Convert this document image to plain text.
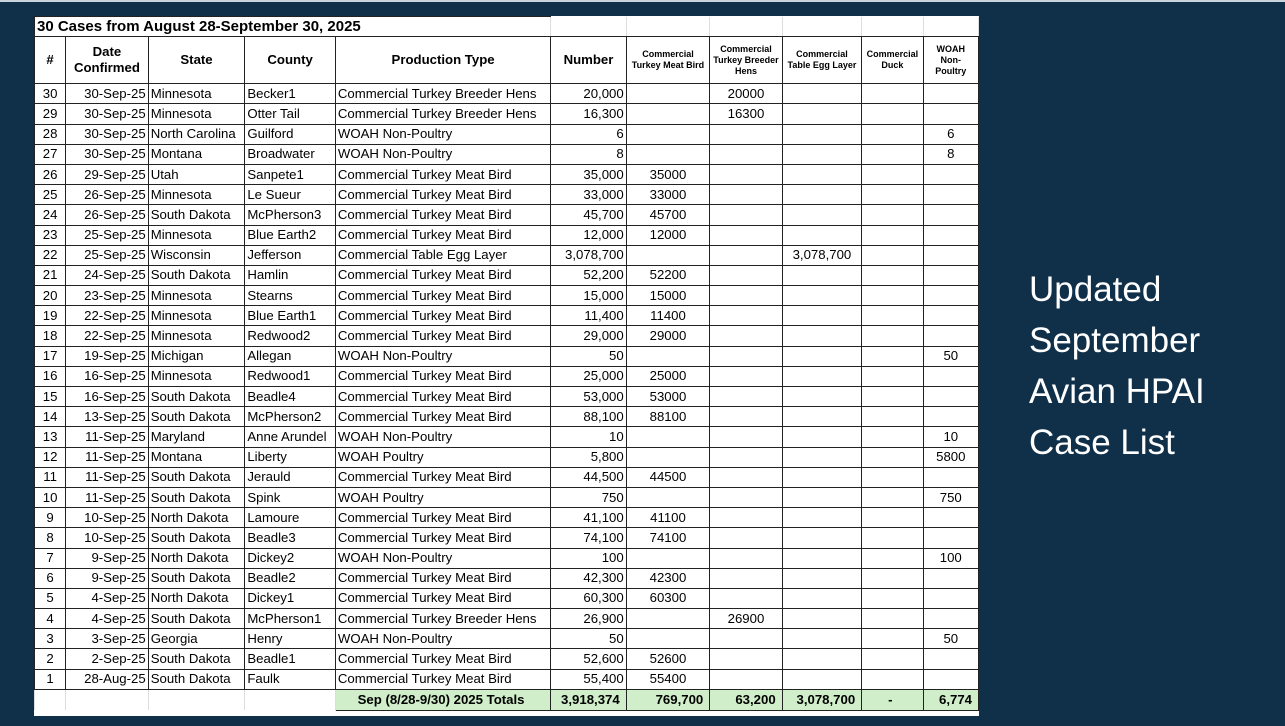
30 Cases from August 28-September 30, 2025										
#	Date Confirmed	State	County	Production Type	Number	Commercial Turkey Meat Bird	Commercial Turkey Breeder Hens	Commercial Table Egg Layer	Commercial Duck	WOAH Non-Poultry
30	30-Sep-25	Minnesota	Becker1	Commercial Turkey Breeder Hens	20,000		20000			
29	30-Sep-25	Minnesota	Otter Tail	Commercial Turkey Breeder Hens	16,300		16300			
28	30-Sep-25	North Carolina	Guilford	WOAH Non-Poultry	6					6
27	30-Sep-25	Montana	Broadwater	WOAH Non-Poultry	8					8
26	29-Sep-25	Utah	Sanpete1	Commercial Turkey Meat Bird	35,000	35000				
25	26-Sep-25	Minnesota	Le Sueur	Commercial Turkey Meat Bird	33,000	33000				
24	26-Sep-25	South Dakota	McPherson3	Commercial Turkey Meat Bird	45,700	45700				
23	25-Sep-25	Minnesota	Blue Earth2	Commercial Turkey Meat Bird	12,000	12000				
22	25-Sep-25	Wisconsin	Jefferson	Commercial Table Egg Layer	3,078,700			3,078,700		
21	24-Sep-25	South Dakota	Hamlin	Commercial Turkey Meat Bird	52,200	52200				
20	23-Sep-25	Minnesota	Stearns	Commercial Turkey Meat Bird	15,000	15000				
19	22-Sep-25	Minnesota	Blue Earth1	Commercial Turkey Meat Bird	11,400	11400				
18	22-Sep-25	Minnesota	Redwood2	Commercial Turkey Meat Bird	29,000	29000				
17	19-Sep-25	Michigan	Allegan	WOAH Non-Poultry	50					50
16	16-Sep-25	Minnesota	Redwood1	Commercial Turkey Meat Bird	25,000	25000				
15	16-Sep-25	South Dakota	Beadle4	Commercial Turkey Meat Bird	53,000	53000				
14	13-Sep-25	South Dakota	McPherson2	Commercial Turkey Meat Bird	88,100	88100				
13	11-Sep-25	Maryland	Anne Arundel	WOAH Non-Poultry	10					10
12	11-Sep-25	Montana	Liberty	WOAH Poultry	5,800					5800
11	11-Sep-25	South Dakota	Jerauld	Commercial Turkey Meat Bird	44,500	44500				
10	11-Sep-25	South Dakota	Spink	WOAH Poultry	750					750
9	10-Sep-25	North Dakota	Lamoure	Commercial Turkey Meat Bird	41,100	41100				
8	10-Sep-25	South Dakota	Beadle3	Commercial Turkey Meat Bird	74,100	74100				
7	9-Sep-25	North Dakota	Dickey2	WOAH Non-Poultry	100					100
6	9-Sep-25	South Dakota	Beadle2	Commercial Turkey Meat Bird	42,300	42300				
5	4-Sep-25	North Dakota	Dickey1	Commercial Turkey Meat Bird	60,300	60300				
4	4-Sep-25	South Dakota	McPherson1	Commercial Turkey Breeder Hens	26,900		26900			
3	3-Sep-25	Georgia	Henry	WOAH Non-Poultry	50					50
2	2-Sep-25	South Dakota	Beadle1	Commercial Turkey Meat Bird	52,600	52600				
1	28-Aug-25	South Dakota	Faulk	Commercial Turkey Meat Bird	55,400	55400				
				Sep (8/28-9/30) 2025 Totals	3,918,374	769,700	63,200	3,078,700	-	6,774
Updated
September
Avian HPAI
Case List
